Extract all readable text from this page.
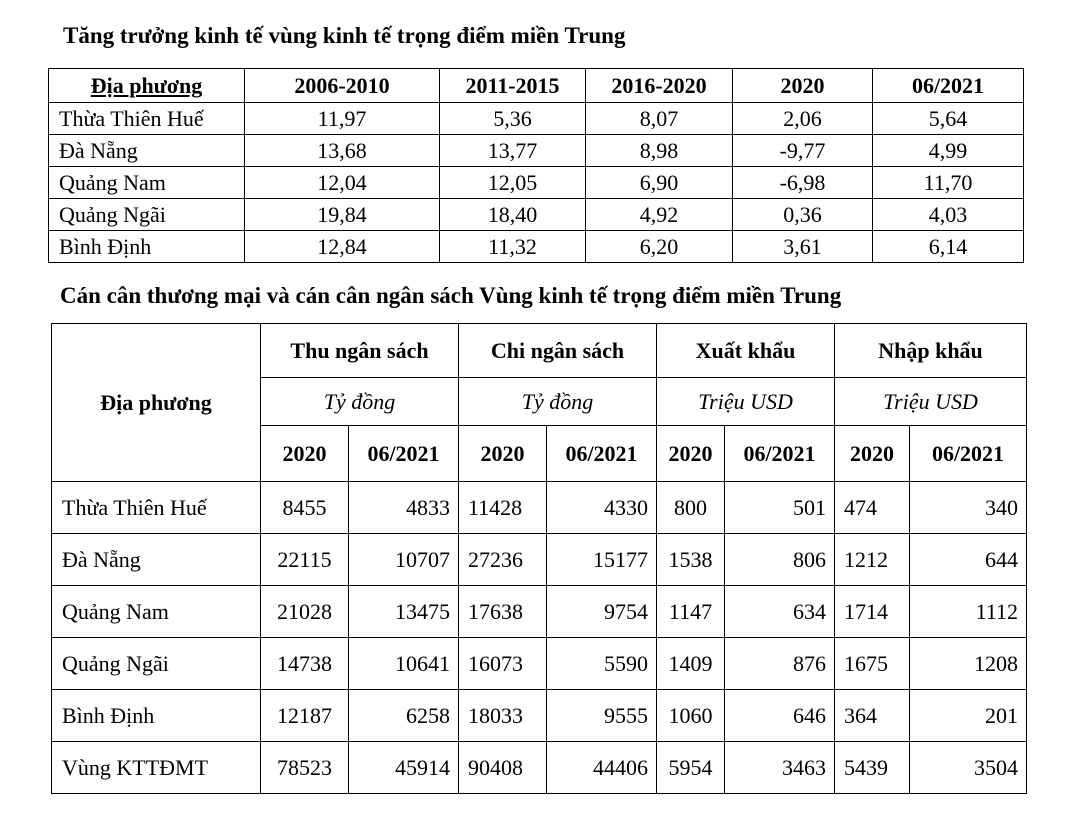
Tăng trưởng kinh tế vùng kinh tế trọng điểm miền Trung
Địa phương	2006-2010	2011-2015	2016-2020	2020	06/2021
Thừa Thiên Huế	11,97	5,36	8,07	2,06	5,64
Đà Nẵng	13,68	13,77	8,98	-9,77	4,99
Quảng Nam	12,04	12,05	6,90	-6,98	11,70
Quảng Ngãi	19,84	18,40	4,92	0,36	4,03
Bình Định	12,84	11,32	6,20	3,61	6,14
Cán cân thương mại và cán cân ngân sách Vùng kinh tế trọng điểm miền Trung
Địa phương	Thu ngân sách		Chi ngân sách		Xuất khẩu		Nhập khẩu	
	Tỷ đồng		Tỷ đồng		Triệu USD		Triệu USD	
	2020	06/2021	2020	06/2021	2020	06/2021	2020	06/2021
Thừa Thiên Huế	8455	4833	11428	4330	800	501	474	340
Đà Nẵng	22115	10707	27236	15177	1538	806	1212	644
Quảng Nam	21028	13475	17638	9754	1147	634	1714	1112
Quảng Ngãi	14738	10641	16073	5590	1409	876	1675	1208
Bình Định	12187	6258	18033	9555	1060	646	364	201
Vùng KTTĐMT	78523	45914	90408	44406	5954	3463	5439	3504
